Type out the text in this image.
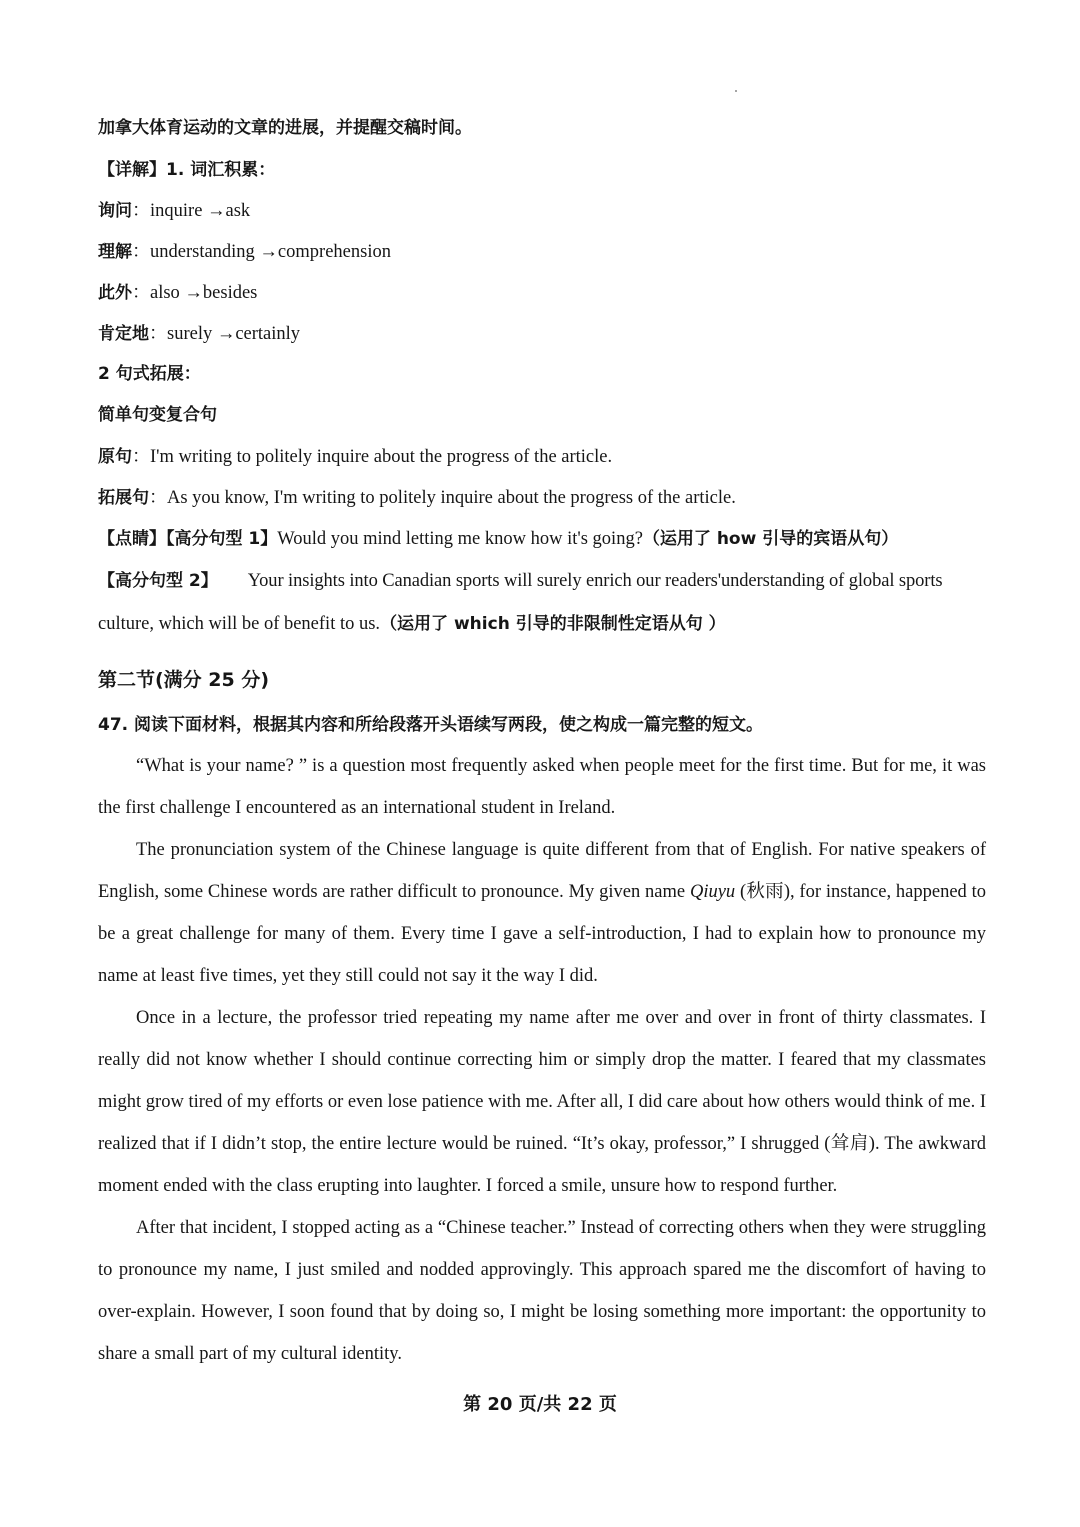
加拿大体育运动的文章的进展，并提醒交稿时间。
【详解】1. 词汇积累：
询问：inquire →ask
理解：understanding →comprehension
此外：also →besides
肯定地：surely →certainly
2 句式拓展：
简单句变复合句
原句：I'm writing to politely inquire about the progress of the article.
拓展句：As you know, I'm writing to politely inquire about the progress of the article.
【点睛】【高分句型 1】Would you mind letting me know how it's going?（运用了 how 引导的宾语从句）
【高分句型 2】 Your insights into Canadian sports will surely enrich our readers'understanding of global sports
culture, which will be of benefit to us.（运用了 which 引导的非限制性定语从句 ）
第二节(满分 25 分)
47. 阅读下面材料，根据其内容和所给段落开头语续写两段，使之构成一篇完整的短文。

“What is your name? ” is a question most frequently asked when people meet for the first time. But for me, it was the first challenge I encountered as an international student in Ireland.

The pronunciation system of the Chinese language is quite different from that of English. For native speakers of English, some Chinese words are rather difficult to pronounce. My given name Qiuyu (秋雨), for instance, happened to be a great challenge for many of them. Every time I gave a self-introduction, I had to explain how to pronounce my name at least five times, yet they still could not say it the way I did.

Once in a lecture, the professor tried repeating my name after me over and over in front of thirty classmates. I really did not know whether I should continue correcting him or simply drop the matter. I feared that my classmates might grow tired of my efforts or even lose patience with me. After all, I did care about how others would think of me. I realized that if I didn’t stop, the entire lecture would be ruined. “It’s okay, professor,” I shrugged (耸肩). The awkward moment ended with the class erupting into laughter. I forced a smile, unsure how to respond further.

After that incident, I stopped acting as a “Chinese teacher.” Instead of correcting others when they were struggling to pronounce my name, I just smiled and nodded approvingly. This approach spared me the discomfort of having to over-explain. However, I soon found that by doing so, I might be losing something more important: the opportunity to share a small part of my cultural identity.

第 20 页/共 22 页
